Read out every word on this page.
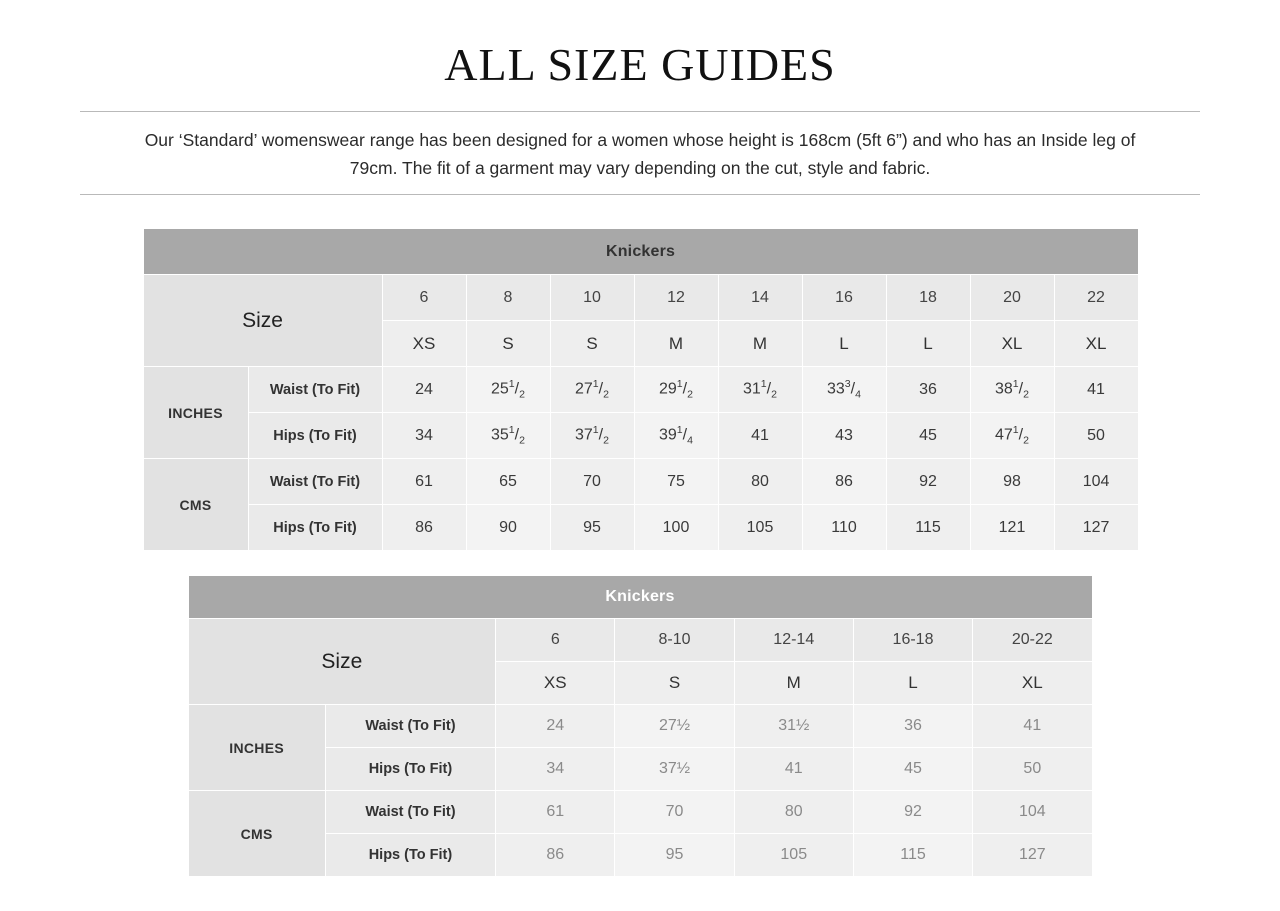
ALL SIZE GUIDES

Our ‘Standard’ womenswear range has been designed for a women whose height is 168cm (5ft 6”) and who has an Inside leg of 79cm. The fit of a garment may vary depending on the cut, style and fabric.

Knickers										
Size		6	8	10	12	14	16	18	20	22
		XS	S	S	M	M	L	L	XL	XL
INCHES	Waist (To Fit)	24	$25^1/_2$	$27^1/_2$	$29^1/_2$	$31^1/_2$	$33^3/_4$	36	$38^1/_2$	41
	Hips (To Fit)	34	$35^1/_2$	$37^1/_2$	$39^1/_4$	41	43	45	$47^1/_2$	50
CMS	Waist (To Fit)	61	65	70	75	80	86	92	98	104
	Hips (To Fit)	86	90	95	100	105	110	115	121	127
Knickers						
Size		6	8-10	12-14	16-18	20-22
		XS	S	M	L	XL
INCHES	Waist (To Fit)	24	27½	31½	36	41
	Hips (To Fit)	34	37½	41	45	50
CMS	Waist (To Fit)	61	70	80	92	104
	Hips (To Fit)	86	95	105	115	127
